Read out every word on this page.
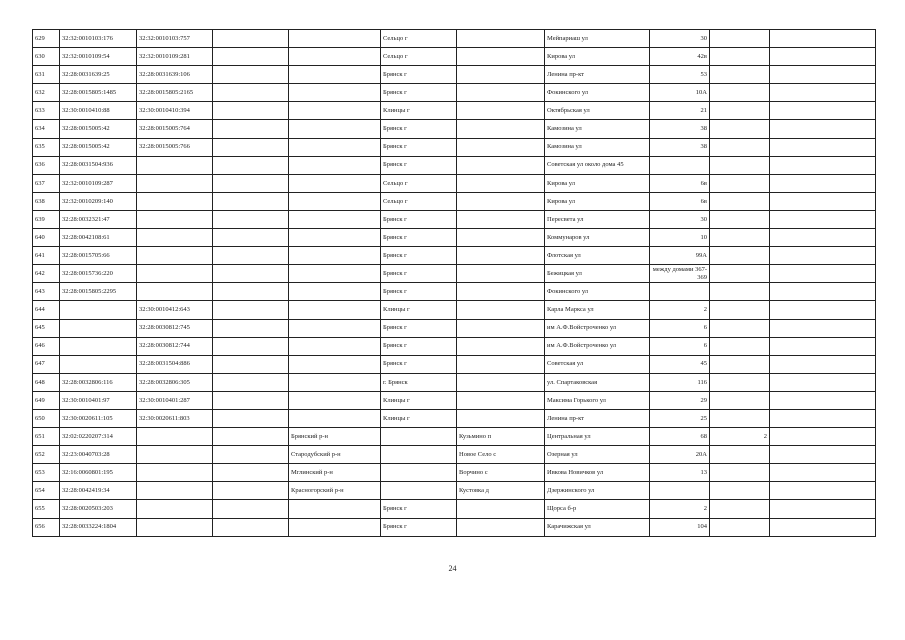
629	32:32:0010103:176	32:32:0010103:757			Сельцо г		Мейпариаш ул	30		
630	32:32:0010109:54	32:32:0010109:281			Сельцо г		Кирова ул	42в		
631	32:28:0031639:25	32:28:0031639:106			Брянск г		Ленина пр-кт	53		
632	32:28:0015805:1485	32:28:0015805:2165			Брянск г		Фокинского ул	10А		
633	32:30:0010410:88	32:30:0010410:394			Клинцы г		Октябрьская ул	21		
634	32:28:0015005:42	32:28:0015005:764			Брянск г		Камозина ул	38		
635	32:28:0015005:42	32:28:0015005:766			Брянск г		Камозина ул	38		
636	32:28:0031504:936				Брянск г		Советская ул около дома 45			
637	32:32:0010109:287				Сельцо г		Кирова ул	6в		
638	32:32:0010209:140				Сельцо г		Кирова ул	6в		
639	32:28:0032321:47				Брянск г		Пересвета ул	30		
640	32:28:0042108:61				Брянск г		Коммунаров ул	10		
641	32:28:0015705:66				Брянск г		Флотская ул	99А		
642	32:28:0015736:220				Брянск г		Бежицкая ул	между домами 367-369		
643	32:28:0015805:2295				Брянск г		Фокинского ул			
644		32:30:0010412:643			Клинцы г		Карла Маркса ул	2		
645		32:28:0030812:745			Брянск г		им А.Ф.Войстроченко ул	6		
646		32:28:0030812:744			Брянск г		им А.Ф.Войстроченко ул	6		
647		32:28:0031504:886			Брянск г		Советская ул	45		
648	32:28:0032806:116	32:28:0032806:305			г. Брянск		ул. Спартаковская	116		
649	32:30:0010401:97	32:30:0010401:287			Клинцы г		Максима Горького ул	29		
650	32:30:0020611:105	32:30:0020611:803			Клинцы г		Ленина пр-кт	25		
651	32:02:0220207:314			Брянский р-н		Кузьмино п	Центральная ул	68	2	
652	32:23:0040703:28			Стародубский р-н		Новое Село с	Озерная ул	20А		
653	32:16:0060801:195			Мглинский р-н		Ворчино с	Ивкова Новичков ул	13		
654	32:28:0042419:34			Красногорский р-н		Кустовка д	Дзержинского ул			
655	32:28:0020503:203				Брянск г		Щорса б-р	2		
656	32:28:0033224:1804				Брянск г		Карачижская ул	104		
24
